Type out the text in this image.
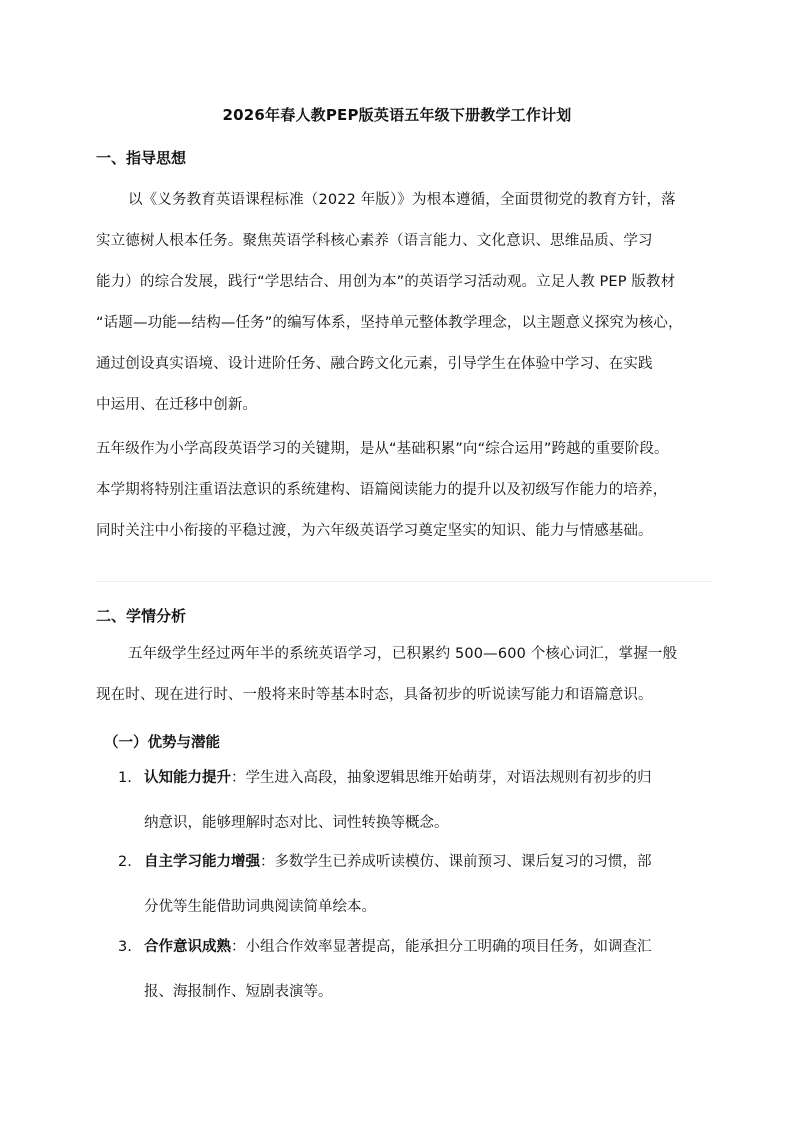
2026年春人教PEP版英语五年级下册教学工作计划
一、指导思想
以《义务教育英语课程标准（2022 年版）》为根本遵循，全面贯彻党的教育方针，落
实立德树人根本任务。聚焦英语学科核心素养（语言能力、文化意识、思维品质、学习
能力）的综合发展，践行“学思结合、用创为本”的英语学习活动观。立足人教 PEP 版教材
“话题—功能—结构—任务”的编写体系，坚持单元整体教学理念，以主题意义探究为核心，
通过创设真实语境、设计进阶任务、融合跨文化元素，引导学生在体验中学习、在实践
中运用、在迁移中创新。
五年级作为小学高段英语学习的关键期，是从“基础积累”向“综合运用”跨越的重要阶段。
本学期将特别注重语法意识的系统建构、语篇阅读能力的提升以及初级写作能力的培养，
同时关注中小衔接的平稳过渡，为六年级英语学习奠定坚实的知识、能力与情感基础。
二、学情分析
五年级学生经过两年半的系统英语学习，已积累约 500—600 个核心词汇，掌握一般
现在时、现在进行时、一般将来时等基本时态，具备初步的听说读写能力和语篇意识。
（一）优势与潜能
1. 认知能力提升：学生进入高段，抽象逻辑思维开始萌芽，对语法规则有初步的归
纳意识，能够理解时态对比、词性转换等概念。
2. 自主学习能力增强：多数学生已养成听读模仿、课前预习、课后复习的习惯，部
分优等生能借助词典阅读简单绘本。
3. 合作意识成熟：小组合作效率显著提高，能承担分工明确的项目任务，如调查汇
报、海报制作、短剧表演等。
